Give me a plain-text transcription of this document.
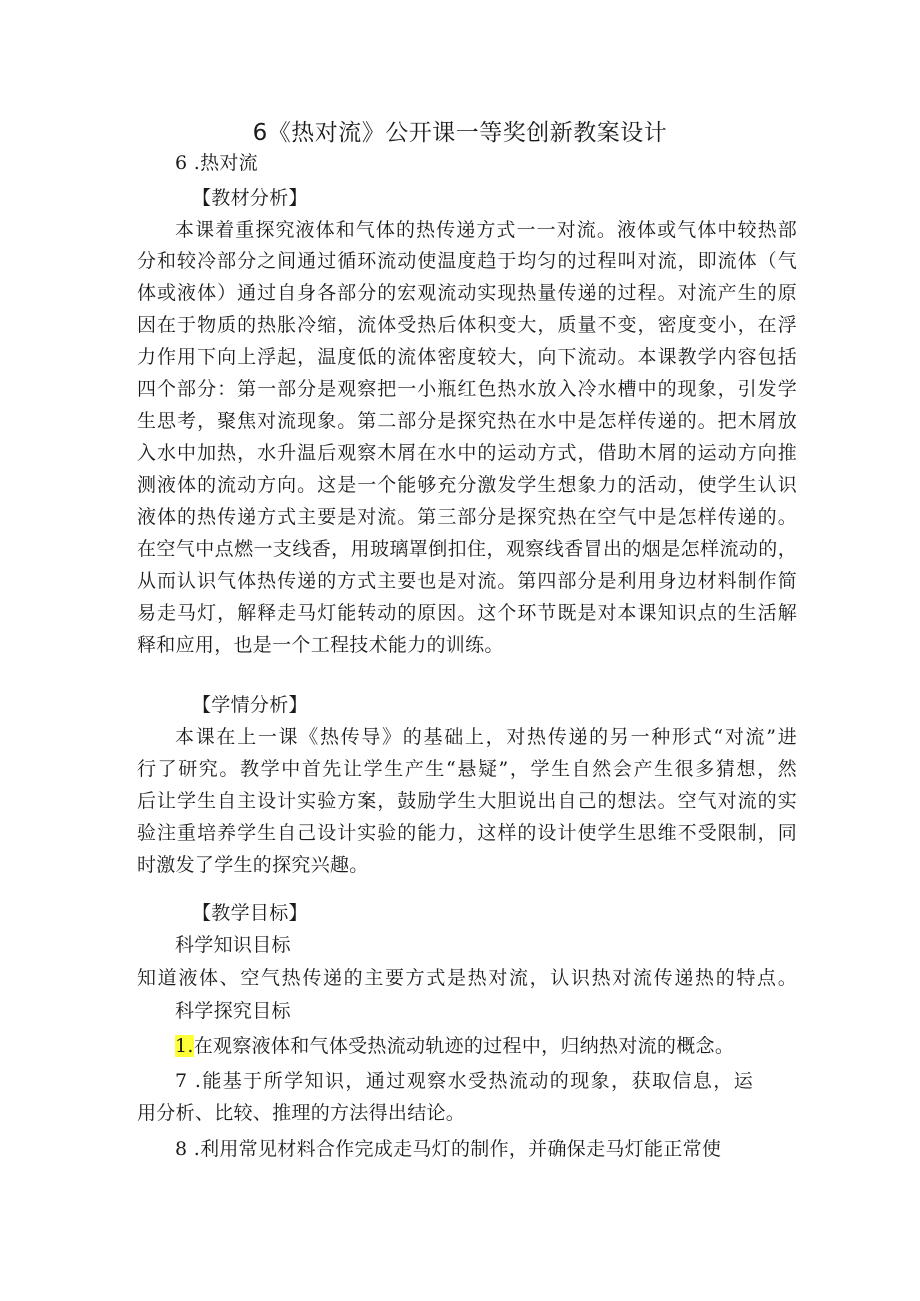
6《热对流》公开课一等奖创新教案设计
6 .热对流
【教材分析】
本课着重探究液体和气体的热传递方式一一对流。液体或气体中较热部
分和较冷部分之间通过循环流动使温度趋于均匀的过程叫对流，即流体（气
体或液体）通过自身各部分的宏观流动实现热量传递的过程。对流产生的原
因在于物质的热胀冷缩，流体受热后体积变大，质量不变，密度变小，在浮
力作用下向上浮起，温度低的流体密度较大，向下流动。本课教学内容包括
四个部分：第一部分是观察把一小瓶红色热水放入冷水槽中的现象，引发学
生思考，聚焦对流现象。第二部分是探究热在水中是怎样传递的。把木屑放
入水中加热，水升温后观察木屑在水中的运动方式，借助木屑的运动方向推
测液体的流动方向。这是一个能够充分激发学生想象力的活动，使学生认识
液体的热传递方式主要是对流。第三部分是探究热在空气中是怎样传递的。
在空气中点燃一支线香，用玻璃罩倒扣住，观察线香冒出的烟是怎样流动的，
从而认识气体热传递的方式主要也是对流。第四部分是利用身边材料制作简
易走马灯，解释走马灯能转动的原因。这个环节既是对本课知识点的生活解
释和应用，也是一个工程技术能力的训练。
【学情分析】
本课在上一课《热传导》的基础上，对热传递的另一种形式“对流”进
行了研究。教学中首先让学生产生“悬疑”，学生自然会产生很多猜想，然
后让学生自主设计实验方案，鼓励学生大胆说出自己的想法。空气对流的实
验注重培养学生自己设计实验的能力，这样的设计使学生思维不受限制，同
时激发了学生的探究兴趣。
【教学目标】
科学知识目标
知道液体、空气热传递的主要方式是热对流，认识热对流传递热的特点。
科学探究目标
1.在观察液体和气体受热流动轨迹的过程中，归纳热对流的概念。
7 .能基于所学知识，通过观察水受热流动的现象，获取信息，运
用分析、比较、推理的方法得出结论。
8 .利用常见材料合作完成走马灯的制作，并确保走马灯能正常使
